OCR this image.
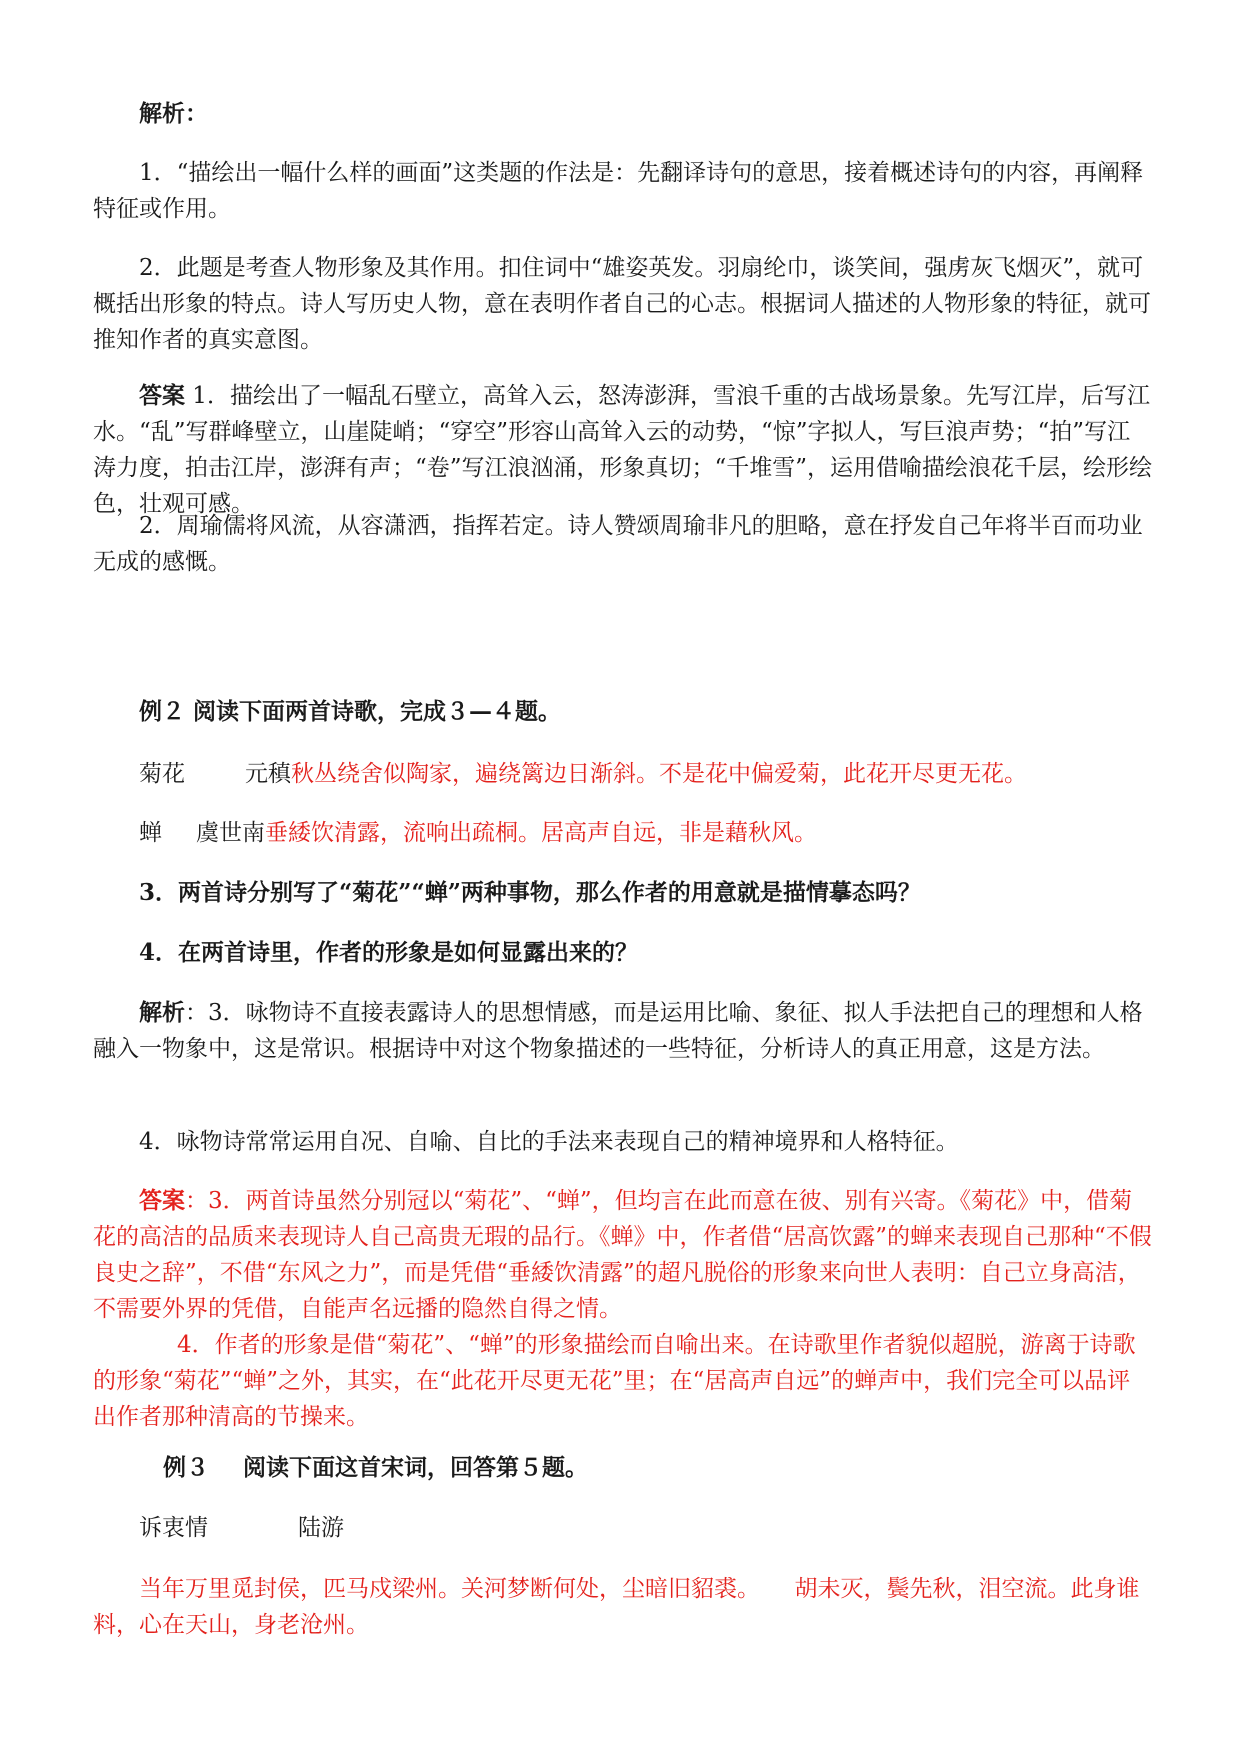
解析：

1．“描绘出一幅什么样的画面”这类题的作法是：先翻译诗句的意思，接着概述诗句的内容，再阐释特征或作用。

2．此题是考查人物形象及其作用。扣住词中“雄姿英发。羽扇纶巾，谈笑间，强虏灰飞烟灭”，就可概括出形象的特点。诗人写历史人物，意在表明作者自己的心志。根据词人描述的人物形象的特征，就可推知作者的真实意图。

答案 1．描绘出了一幅乱石壁立，高耸入云，怒涛澎湃，雪浪千重的古战场景象。先写江岸，后写江水。“乱”写群峰壁立，山崖陡峭；“穿空”形容山高耸入云的动势，“惊”字拟人，写巨浪声势；“拍”写江涛力度，拍击江岸，澎湃有声；“卷”写江浪汹涌，形象真切；“千堆雪”，运用借喻描绘浪花千层，绘形绘色，壮观可感。

2．周瑜儒将风流，从容潇洒，指挥若定。诗人赞颂周瑜非凡的胆略，意在抒发自己年将半百而功业无成的感慨。

例２ 阅读下面两首诗歌，完成３—４题。

菊花	元稹秋丛绕舍似陶家，遍绕篱边日渐斜。不是花中偏爱菊，此花开尽更无花。

蝉 虞世南垂緌饮清露，流响出疏桐。居高声自远，非是藉秋风。

3．两首诗分别写了“菊花”“蝉”两种事物，那么作者的用意就是描情摹态吗？

4．在两首诗里，作者的形象是如何显露出来的？

解析：3．咏物诗不直接表露诗人的思想情感，而是运用比喻、象征、拟人手法把自己的理想和人格融入一物象中，这是常识。根据诗中对这个物象描述的一些特征，分析诗人的真正用意，这是方法。

4．咏物诗常常运用自况、自喻、自比的手法来表现自己的精神境界和人格特征。

答案：3．两首诗虽然分别冠以“菊花”、“蝉”，但均言在此而意在彼、别有兴寄。《菊花》中，借菊花的高洁的品质来表现诗人自己高贵无瑕的品行。《蝉》中，作者借“居高饮露”的蝉来表现自己那种“不假良史之辞”，不借“东风之力”，而是凭借“垂緌饮清露”的超凡脱俗的形象来向世人表明：自己立身高洁，不需要外界的凭借，自能声名远播的隐然自得之情。

4．作者的形象是借“菊花”、“蝉”的形象描绘而自喻出来。在诗歌里作者貌似超脱，游离于诗歌的形象“菊花”“蝉”之外，其实，在“此花开尽更无花”里；在“居高声自远”的蝉声中，我们完全可以品评出作者那种清高的节操来。

例３ 阅读下面这首宋词，回答第５题。

诉衷情	陆游

当年万里觅封侯，匹马戍梁州。关河梦断何处，尘暗旧貂裘。　　胡未灭，鬓先秋，泪空流。此身谁料，心在天山，身老沧州。
